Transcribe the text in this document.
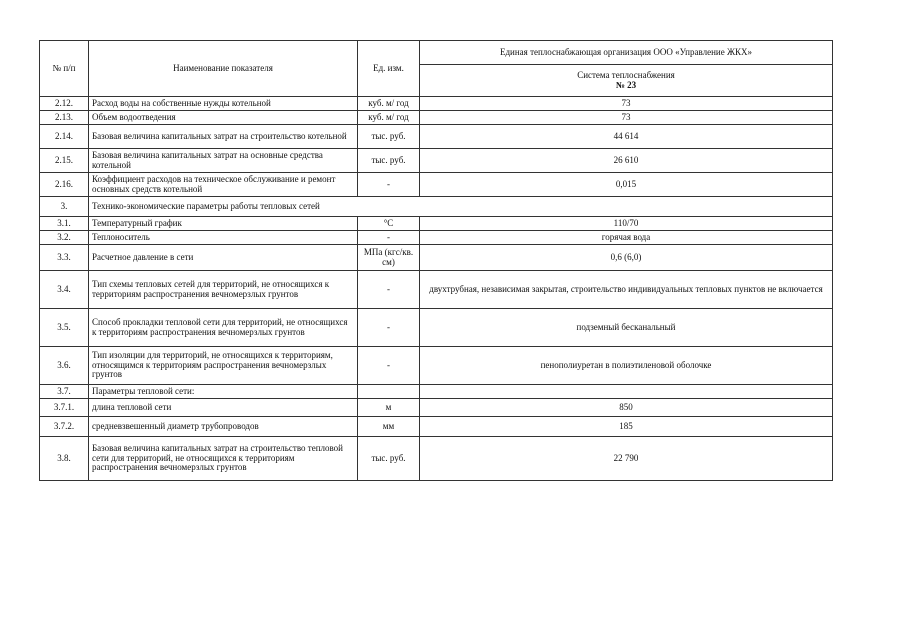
№ п/п	Наименование показателя	Ед. изм.	Единая теплоснабжающая организация ООО «Управление ЖКХ»

			Система теплоснабжения
№ 23

2.12.	Расход воды на собственные нужды котельной	куб. м/ год	73
2.13.	Объем водоотведения	куб. м/ год	73
2.14.	Базовая величина капитальных затрат на строительство котельной	тыс. руб.	44 614
2.15.	Базовая величина капитальных затрат на основные средства котельной	тыс. руб.	26 610
2.16.	Коэффициент расходов на техническое обслуживание и ремонт основных средств котельной	-	0,015
3.	Технико-экономические параметры работы тепловых сетей		
3.1.	Температурный график	°С	110/70
3.2.	Теплоноситель	-	горячая вода
3.3.	Расчетное давление в сети	МПа (кгс/кв. см)	0,6 (6,0)
3.4.	Тип схемы тепловых сетей для территорий, не относящихся к территориям распространения вечномерзлых грунтов	-	двухтрубная, независимая закрытая, строительство индивидуальных тепловых пунктов не включается
3.5.	Способ прокладки тепловой сети для территорий, не относящихся к территориям распространения вечномерзлых грунтов	-	подземный бесканальный
3.6.	Тип изоляции для территорий, не относящихся к территориям, относящимся к территориям распространения вечномерзлых грунтов	-	пенополиуретан в полиэтиленовой оболочке
3.7.	Параметры тепловой сети:		
3.7.1.	длина тепловой сети	м	850
3.7.2.	средневзвешенный диаметр трубопроводов	мм	185
3.8.	Базовая величина капитальных затрат на строительство тепловой сети для территорий, не относящихся к территориям распространения вечномерзлых грунтов	тыс. руб.	22 790
